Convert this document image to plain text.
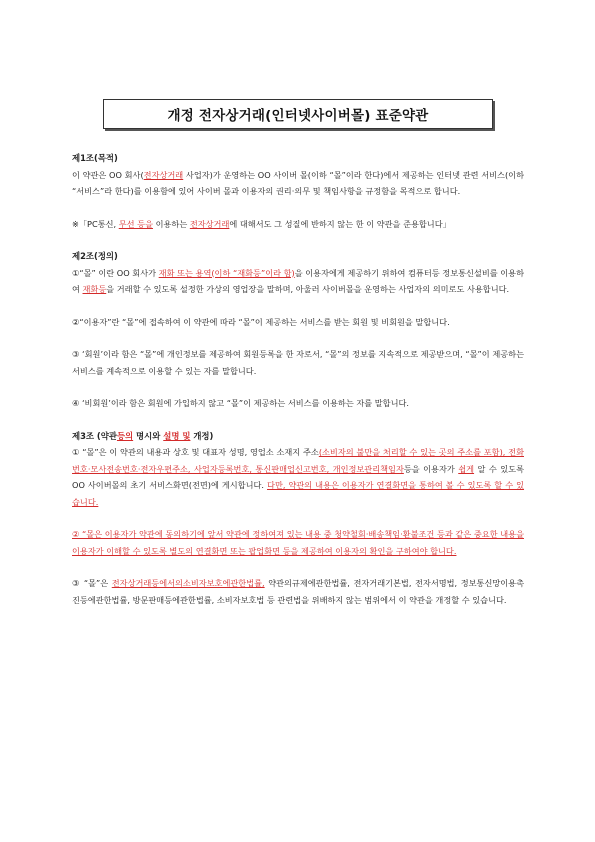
개정 전자상거래(인터넷사이버몰) 표준약관

제1조(목적)

이 약관은 OO 회사(전자상거래 사업자)가 운영하는 OO 사이버 몰(이하 “몰”이라 한다)에서 제공하는 인터넷 관련 서비스(이하 “서비스”라 한다)를 이용함에 있어 사이버 몰과 이용자의 권리·의무 및 책임사항을 규정함을 목적으로 합니다.

※「PC통신, 무선 등을 이용하는 전자상거래에 대해서도 그 성질에 반하지 않는 한 이 약관을 준용합니다」

제2조(정의)

①“몰” 이란 OO 회사가 재화 또는 용역(이하 “재화등”이라 함)을 이용자에게 제공하기 위하여 컴퓨터등 정보통신설비를 이용하여 재화등을 거래할 수 있도록 설정한 가상의 영업장을 말하며, 아울러 사이버몰을 운영하는 사업자의 의미로도 사용합니다.

②“이용자”란 “몰”에 접속하여 이 약관에 따라 “몰”이 제공하는 서비스를 받는 회원 및 비회원을 말합니다.

③ ‘회원’이라 함은 “몰”에 개인정보를 제공하여 회원등록을 한 자로서, “몰”의 정보를 지속적으로 제공받으며, “몰”이 제공하는 서비스를 계속적으로 이용할 수 있는 자를 말합니다.

④ ‘비회원’이라 함은 회원에 가입하지 않고 “몰”이 제공하는 서비스를 이용하는 자를 말합니다.

제3조 (약관등의 명시와 설명 및 개정)

① “몰”은 이 약관의 내용과 상호 및 대표자 성명, 영업소 소재지 주소(소비자의 불만을 처리할 수 있는 곳의 주소를 포함), 전화번호·모사전송번호·전자우편주소, 사업자등록번호, 통신판매업신고번호, 개인정보관리책임자등을 이용자가 쉽게 알 수 있도록 OO 사이버몰의 초기 서비스화면(전면)에 게시합니다. 다만, 약관의 내용은 이용자가 연결화면을 통하여 볼 수 있도록 할 수 있습니다.

② “몰은 이용자가 약관에 동의하기에 앞서 약관에 정하여져 있는 내용 중 청약철회·배송책임·환불조건 등과 같은 중요한 내용을 이용자가 이해할 수 있도록 별도의 연결화면 또는 팝업화면 등을 제공하여 이용자의 확인을 구하여야 합니다.

③ “몰”은 전자상거래등에서의소비자보호에관한법률, 약관의규제에관한법률, 전자거래기본법, 전자서명법, 정보통신망이용촉진등에관한법률, 방문판매등에관한법률, 소비자보호법 등 관련법을 위배하지 않는 범위에서 이 약관을 개정할 수 있습니다.
